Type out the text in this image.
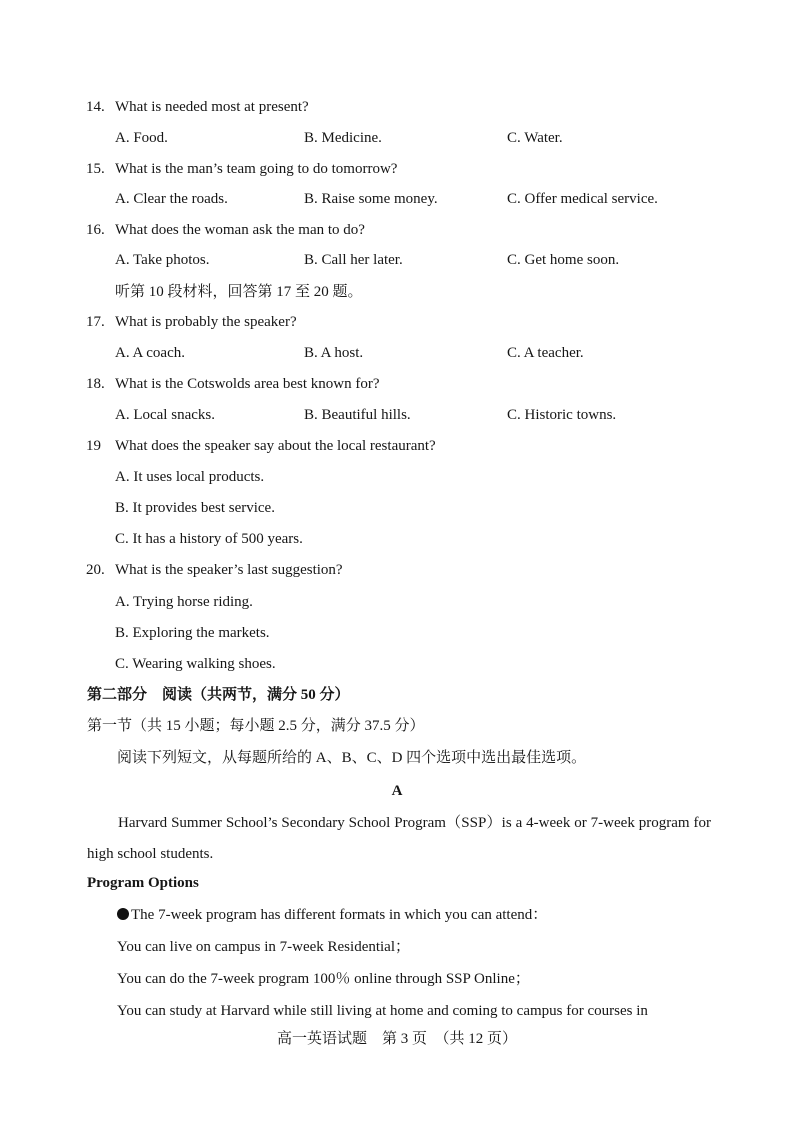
14. What is needed most at present?
A. Food.	B. Medicine.	C. Water.
15. What is the man’s team going to do tomorrow?
A. Clear the roads.	B. Raise some money.	C. Offer medical service.
16. What does the woman ask the man to do?
A. Take photos.	B. Call her later.	C. Get home soon.
听第 10 段材料，回答第 17 至 20 题。
17. What is probably the speaker?
A. A coach.	B. A host.	C. A teacher.
18. What is the Cotswolds area best known for?
A. Local snacks.	B. Beautiful hills.	C. Historic towns.
19 What does the speaker say about the local restaurant?
A. It uses local products.
B. It provides best service.
C. It has a history of 500 years.
20. What is the speaker’s last suggestion?
A. Trying horse riding.
B. Exploring the markets.
C. Wearing walking shoes.
第二部分　阅读（共两节，满分 50 分）
第一节（共 15 小题；每小题 2.5 分，满分 37.5 分）
阅读下列短文，从每题所给的 A、B、C、D 四个选项中选出最佳选项。
A
Harvard Summer School’s Secondary School Program（SSP）is a 4-week or 7-week program for high school students.
Program Options
The 7-week program has different formats in which you can attend：
You can live on campus in 7-week Residential；
You can do the 7-week program 100％ online through SSP Online；
You can study at Harvard while still living at home and coming to campus for courses in
高一英语试题　第 3 页　（共 12 页）
